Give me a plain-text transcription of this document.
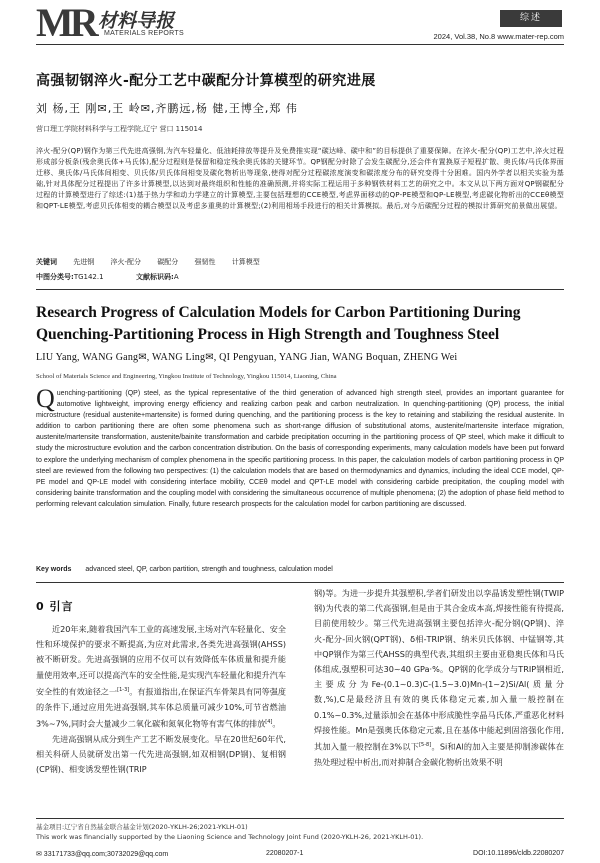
MR 材料导报
MATERIALS REPORTS
综述
2024, Vol.38, No.8 www.mater-rep.com
高强韧钢淬火-配分工艺中碳配分计算模型的研究进展
刘 杨,王 刚✉,王 岭✉,齐鹏远,杨 健,王博全,郑 伟
营口理工学院材料科学与工程学院,辽宁 营口 115014
淬火-配分(QP)钢作为第三代先进高强钢,为汽车轻量化、低油耗排放等提升及免费推实现“碳达峰、碳中和”的目标提供了重要保障。在淬火-配分(QP)工艺中,淬火过程形成部分板条(残余奥氏体+马氏体),配分过程则是保留和稳定残余奥氏体的关键环节。QP钢配分时除了会发生碳配分,还会伴有置换原子短程扩散、奥氏体/马氏体界面迁移、奥氏体/马氏体间相变、贝氏体/贝氏体间相变及碳化物析出等现象,使得对配分过程碳浓度演变和碳浓度分布的研究变得十分困难。国内外学者以相关实验为基础,针对具体配分过程提出了许多计算模型,以达到对最终组织和性能的准确预测,并将实际工程运用于多种钢铁材料工艺的研究之中。本文从以下两方面对QP钢碳配分过程的计算模型进行了综述:(1)基于热力学和动力学建立的计算模型,主要包括理想的CCE模型,考虑界面移动的QP-PE模型和QP-LE模型,考虑碳化物析出的CCEθ模型和QPT-LE模型,考虑贝氏体相变的耦合模型以及考虑多重奥的计算模型;(2)利用相场手段进行的相关计算模拟。最后,对今后碳配分过程的模拟计算研究前景做出展望。
关键词 先进钢 淬火-配分 碳配分 强韧性 计算模型
中图分类号:TG142.1	文献标识码:A
Research Progress of Calculation Models for Carbon Partitioning During Quenching-Partitioning Process in High Strength and Toughness Steel
LIU Yang, WANG Gang✉, WANG Ling✉, QI Pengyuan, YANG Jian, WANG Boquan, ZHENG Wei
School of Materials Science and Engineering, Yingkou Institute of Technology, Yingkou 115014, Liaoning, China
Quenching-partitioning (QP) steel, as the typical representative of the third generation of advanced high strength steel, provides an important guarantee for automotive lightweight, improving energy efficiency and realizing carbon peak and carbon neutralization. In quenching-partitioning (QP) process, the initial microstructure (residual austenite+martensite) is formed during quenching, and the partitioning process is the key to retaining and stabilizing the residual austenite. In addition to carbon partitioning there are often some phenomena such as short-range diffusion of substitutional atoms, austenite/martensite interface migration, austenite/martensite transformation, austenite/bainite transformation and carbide precipitation occurring in the partitioning process of QP steel, which make it difficult to study the microstructure evolution and the carbon concentration distribution. On the basis of corresponding experiments, many calculation models have been put forward to explore the underlying mechanism of complex phenomena in the specific partitioning process. In this paper, the calculation models of carbon partitioning process in QP steel are reviewed from the following two perspectives: (1) the calculation models that are based on thermodynamics and dynamics, including the ideal CCE model, QP-PE model and QP-LE model with considering interface mobility, CCEθ model and QPT-LE model with considering carbide precipitation, the coupling model with considering bainite transformation and the coupling model with considering the simultaneous occurrence of multiple phenomena; (2) the adoption of phase field method to performing relevant calculation simulation. Finally, future research prospects for the calculation model for carbon partitioning are discussed.
Key words advanced steel, QP, carbon partition, strength and toughness, calculation model
0 引言

近20年来,随着我国汽车工业的高速发展,主场对汽车轻量化、安全性和环境保护的要求不断提高,为应对此需求,各类先进高强钢(AHSS)被不断研发。先进高强钢的应用不仅可以有效降低车体质量和提升能量使用效率,还可以提高汽车的安全性能,是实现汽车轻量化和提升汽车安全性的有效途径之一[1-3]。有报道指出,在保证汽车骨架具有同等强度的条件下,通过应用先进高强钢,其车体总质量可减少10%,可节省燃油3%~7%,同时会大量减少二氧化碳和氮氧化物等有害气体的排放[4]。

先进高强钢从成分到生产工艺不断发展变化。早在20世纪60年代,相关科研人员就研发出第一代先进高强钢,如双相钢(DP钢)、复相钢(CP钢)、相变诱发塑性钢(TRIP

钢)等。为进一步提升其强塑积,学者们研发出以孪晶诱发塑性钢(TWIP钢)为代表的第二代高强钢,但是由于其合金成本高,焊接性能有待提高,目前使用较少。第三代先进高强钢主要包括淬火-配分钢(QP钢)、淬火-配分-回火钢(QPT钢)、δ相-TRIP钢、纳米贝氏体钢、中锰钢等,其中QP钢作为第三代AHSS的典型代表,其组织主要由亚稳奥氏体和马氏体组成,强塑积可达30~40 GPa·%。QP钢的化学成分与TRIP钢相近,主要成分为Fe-(0.1~0.3)C-(1.5~3.0)Mn-(1~2)Si/Al(质量分数,%),C是最经济且有效的奥氏体稳定元素,加入量一般控制在0.1%~0.3%,过量添加会在基体中形成脆性孪晶马氏体,严重恶化材料焊接性能。Mn是强奥氏体稳定元素,且在基体中能起到固溶强化作用,其加入量一般控制在3%以下[5-8]。Si和Al的加入主要是抑制渗碳体在热处理过程中析出,而对抑制合金碳化物析出效果不明

基金项目:辽宁省自然基金联合基金计划(2020-YKLH-26;2021-YKLH-01)
This work was financially supported by the Liaoning Science and Technology Joint Fund (2020-YKLH-26, 2021-YKLH-01).
✉ 33171733@qq.com;30732029@qq.com	22080207-1	DOI:10.11896/cldb.22080207
